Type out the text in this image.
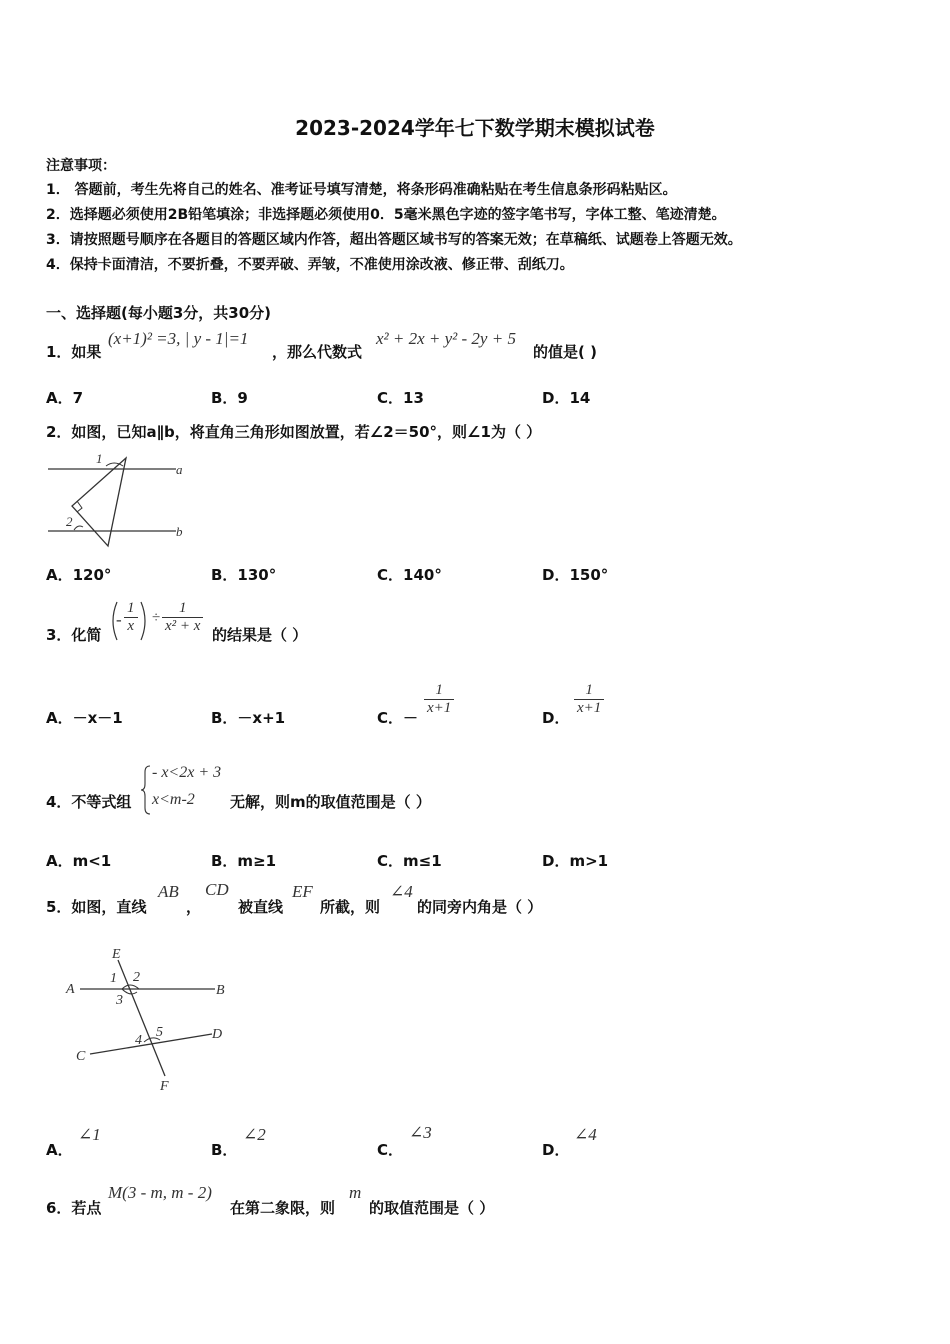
2023-2024学年七下数学期末模拟试卷
注意事项：
1． 答题前，考生先将自己的姓名、准考证号填写清楚，将条形码准确粘贴在考生信息条形码粘贴区。
2．选择题必须使用2B铅笔填涂；非选择题必须使用0．5毫米黑色字迹的签字笔书写，字体工整、笔迹清楚。
3．请按照题号顺序在各题目的答题区域内作答，超出答题区域书写的答案无效；在草稿纸、试题卷上答题无效。
4．保持卡面清洁，不要折叠，不要弄破、弄皱，不准使用涂改液、修正带、刮纸刀。
一、选择题(每小题3分，共30分)
1．如果
(x+1)² =3, | y - 1|=1
，那么代数式
x² + 2x + y² - 2y + 5
的值是( )
A．7	B．9	C．13	D．14
2．如图，已知a∥b，将直角三角形如图放置，若∠2＝50°，则∠1为（ ）
1
2
a
b
A．120°	B．130°	C．140°	D．150°
3．化简
- $\frac{1}{x} \div \frac{1}{\text{x² + x}}$ 的结果是（ ）
A．－x－1	B．－x+1	C．－
$\frac{1}{x+1}$
D．
$\frac{1}{x+1}$
4．不等式组
- x<2x + 3
x<m-2 无解，则m的取值范围是（ ）
A．m<1	B．m≥1	C．m≤1	D．m>1
5．如图，直线
AB
，
CD
被直线
EF
所截，则
∠4
的同旁内角是（ ）
E
F
A	B
C
D
1 2
3
4
5
A．
∠1
B．
∠2
C．
∠3
D．
∠4
6．若点
M(3 - m, m - 2)
在第二象限，则
m
的取值范围是（ ）
